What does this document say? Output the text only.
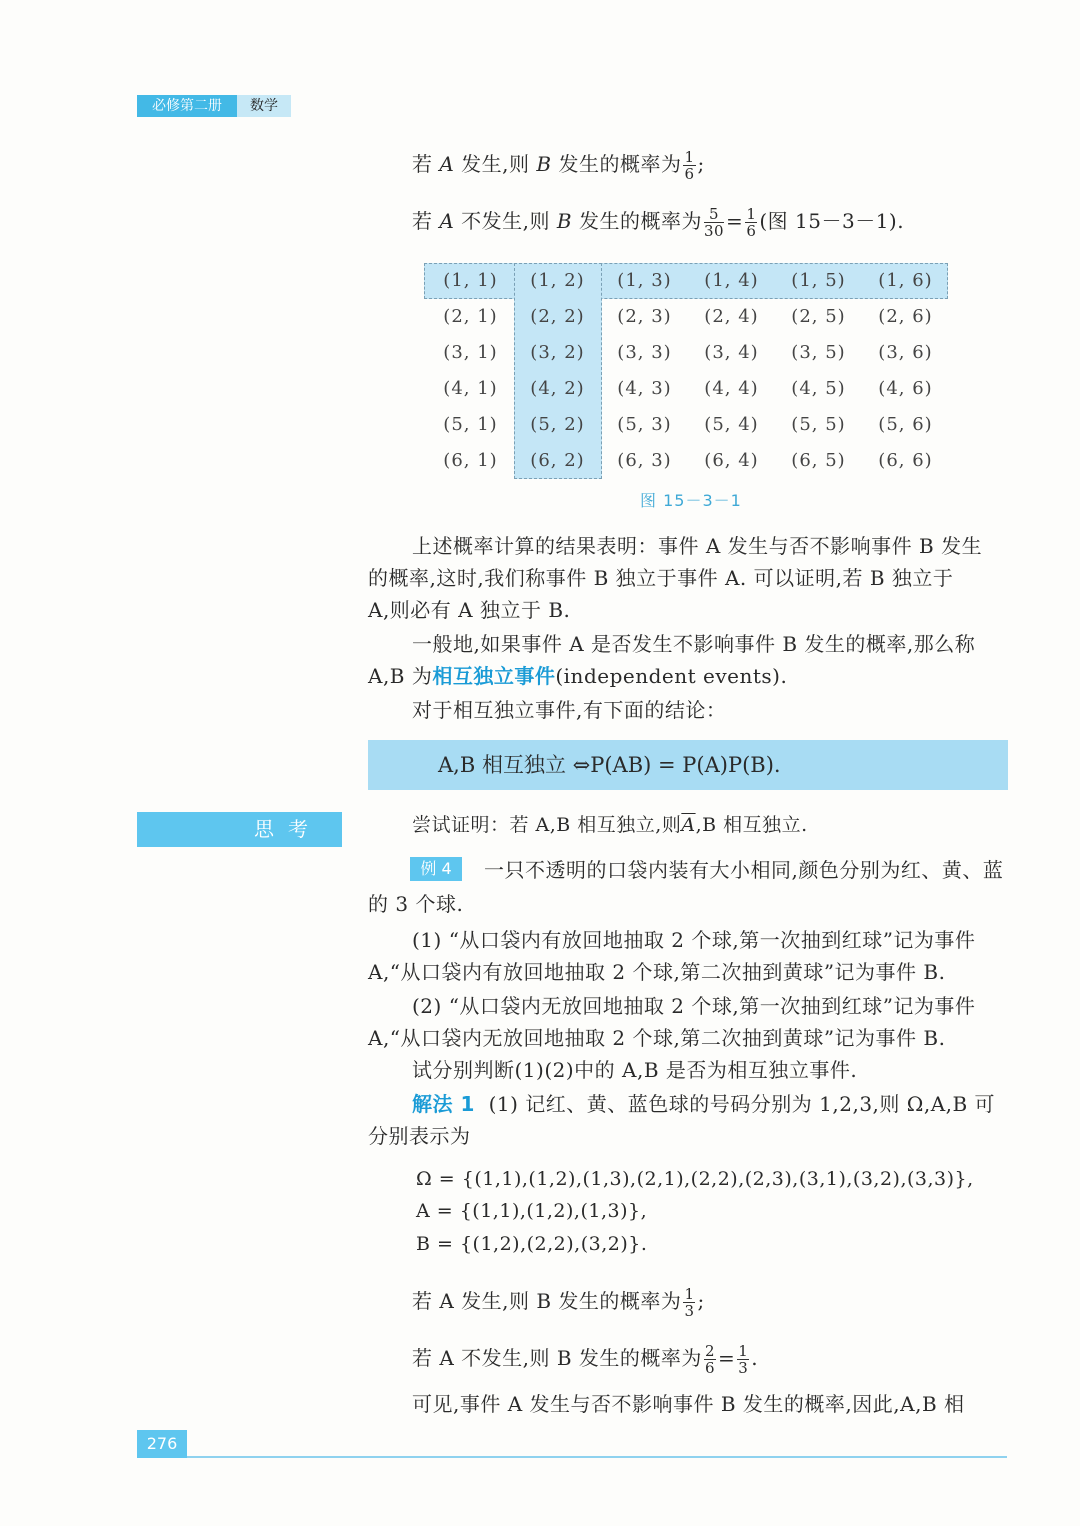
必修第二册	数学
若 A 发生,则 B 发生的概率为 $\frac{1}{6}$ ;
若 A 不发生,则 B 发生的概率为 $\frac{5}{30} = \frac{1}{6}$ (图 15－3－1).
(1, 1)	(1, 2)	(1, 3)	(1, 4)	(1, 5)	(1, 6)
(2, 1)	(2, 2)	(2, 3)	(2, 4)	(2, 5)	(2, 6)
(3, 1)	(3, 2)	(3, 3)	(3, 4)	(3, 5)	(3, 6)
(4, 1)	(4, 2)	(4, 3)	(4, 4)	(4, 5)	(4, 6)
(5, 1)	(5, 2)	(5, 3)	(5, 4)	(5, 5)	(5, 6)
(6, 1)	(6, 2)	(6, 3)	(6, 4)	(6, 5)	(6, 6)
图 15－3－1
上述概率计算的结果表明：事件 A 发生与否不影响事件 B 发生
的概率,这时,我们称事件 B 独立于事件 A. 可以证明,若 B 独立于
A,则必有 A 独立于 B.
一般地,如果事件 A 是否发生不影响事件 B 发生的概率,那么称
A,B 为相互独立事件(independent events).
对于相互独立事件,有下面的结论：
A,B 相互独立 ⇔P(AB) = P(A)P(B).
思考	尝试证明：若 A,B 相互独立,则$\overline{A},B$ 相互独立.
例 4	一只不透明的口袋内装有大小相同,颜色分别为红、黄、蓝
的 3 个球.
(1) “从口袋内有放回地抽取 2 个球,第一次抽到红球”记为事件
A,“从口袋内有放回地抽取 2 个球,第二次抽到黄球”记为事件 B.
(2) “从口袋内无放回地抽取 2 个球,第一次抽到红球”记为事件
A,“从口袋内无放回地抽取 2 个球,第二次抽到黄球”记为事件 B.
试分别判断(1)(2)中的 A,B 是否为相互独立事件.
解法 1 (1) 记红、黄、蓝色球的号码分别为 1,2,3,则 Ω,A,B 可
分别表示为
Ω = {(1,1),(1,2),(1,3),(2,1),(2,2),(2,3),(3,1),(3,2),(3,3)},
A = {(1,1),(1,2),(1,3)},
B = {(1,2),(2,2),(3,2)}.
若 A 发生,则 B 发生的概率为 $\frac{1}{3}$ ;
若 A 不发生,则 B 发生的概率为 $\frac{2}{6} = \frac{1}{3}$ .
可见,事件 A 发生与否不影响事件 B 发生的概率,因此,A,B 相
276
